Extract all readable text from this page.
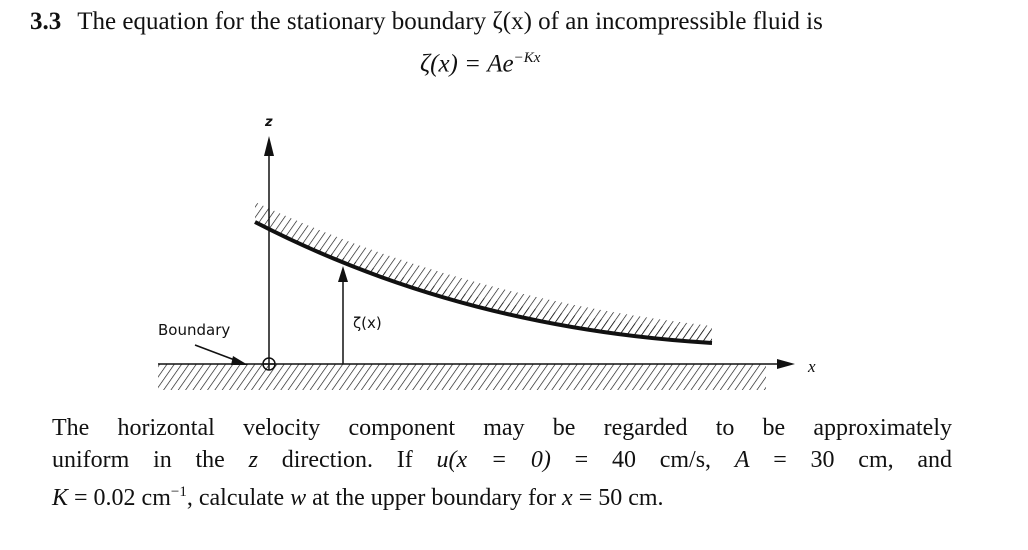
3.3 The equation for the stationary boundary ζ(x) of an incompressible fluid is
$\zeta(x) = Ae^{-Kx}$
x
z
ζ(x)
Boundary

The horizontal velocity component may be regarded to be approximately

uniform in the z direction. If u(x = 0) = 40 cm/s, A = 30 cm, and

K = 0.02 $cm^{-1}$, calculate w at the upper boundary for x = 50 cm.
